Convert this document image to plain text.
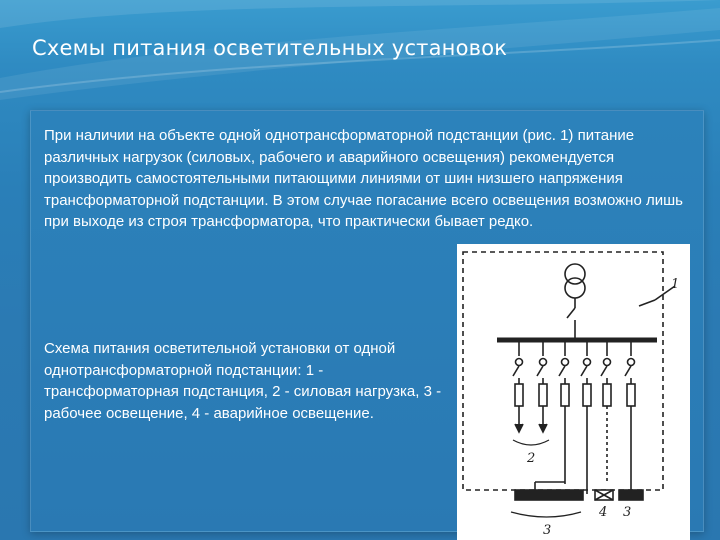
Схемы питания осветительных установок

При наличии на объекте одной однотрансформаторной подстанции (рис. 1) питание различных нагрузок (силовых, рабочего и аварийного освещения) рекомендуется производить самостоятельными питающими линиями от шин низшего напряжения трансформаторной подстанции. В этом случае погасание всего освещения возможно лишь при выходе из строя трансформатора, что практически бывает редко.

Схема питания осветительной установки от одной однотрансформаторной подстанции: 1 - трансформаторная подстанция, 2 - силовая нагрузка, 3 - рабочее освещение, 4 - аварийное освещение.

1
2
3
4 3
